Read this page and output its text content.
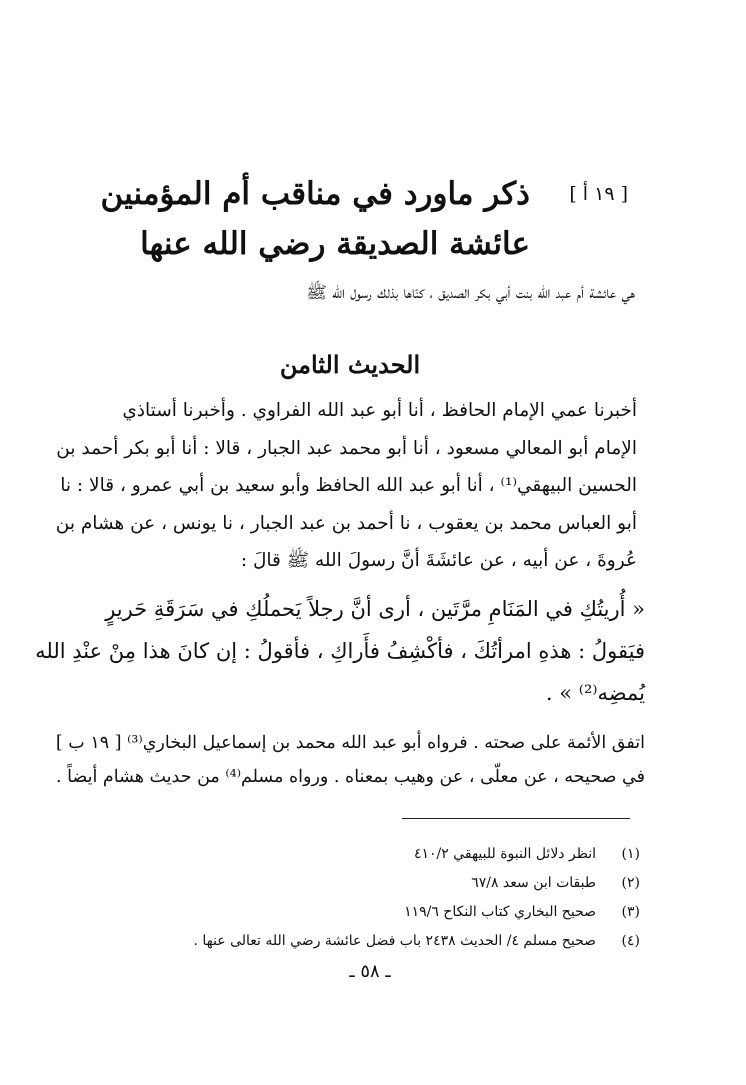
[ ١٩ أ ]
ذكر ماورد في مناقب أم المؤمنين
عائشة الصديقة رضي الله عنها
هي عائشة أم عبد الله بنت أبي بكر الصديق ، كنّاها بذلك رسول الله ﷺ
الحديث الثامن

أخبرنا عمي الإمام الحافظ ، أنا أبو عبد الله الفراوي . وأخبرنا أستاذي

الإمام أبو المعالي مسعود ، أنا أبو محمد عبد الجبار ، قالا : أنا أبو بكر أحمد بن

الحسين البيهقي⁽¹⁾ ، أنا أبو عبد الله الحافظ وأبو سعيد بن أبي عمرو ، قالا : نا

أبو العباس محمد بن يعقوب ، نا أحمد بن عبد الجبار ، نا يونس ، عن هشام بن

عُروةَ ، عن أبيه ، عن عائشَةَ أنَّ رسولَ الله ﷺ قالَ :

« أُريتُكِ في المَنَامِ مرَّتَين ، أرى أنَّ رجلاً يَحملُكِ في سَرَقَةِ حَريرٍ

فيَقولُ : هذهِ امرأتُكَ ، فأكْشِفُ فأَراكِ ، فأقولُ : إن كانَ هذا مِنْ عنْدِ الله

يُمضِه⁽²⁾ » .

اتفق الأئمة على صحته . فرواه أبو عبد الله محمد بن إسماعيل البخاري⁽³⁾ [ ١٩ ب ]

في صحيحه ، عن معلّى ، عن وهيب بمعناه . ورواه مسلم⁽⁴⁾ من حديث هشام أيضاً .

(١)
انظر دلائل النبوة للبيهقي ٤١٠/٢
(٢)
طبقات ابن سعد ٦٧/٨
(٣)
صحيح البخاري كتاب النكاح ١١٩/٦
(٤)
صحيح مسلم ٤/ الحديث ٢٤٣٨ باب فضل عائشة رضي الله تعالى عنها .
ـ ٥٨ ـ
